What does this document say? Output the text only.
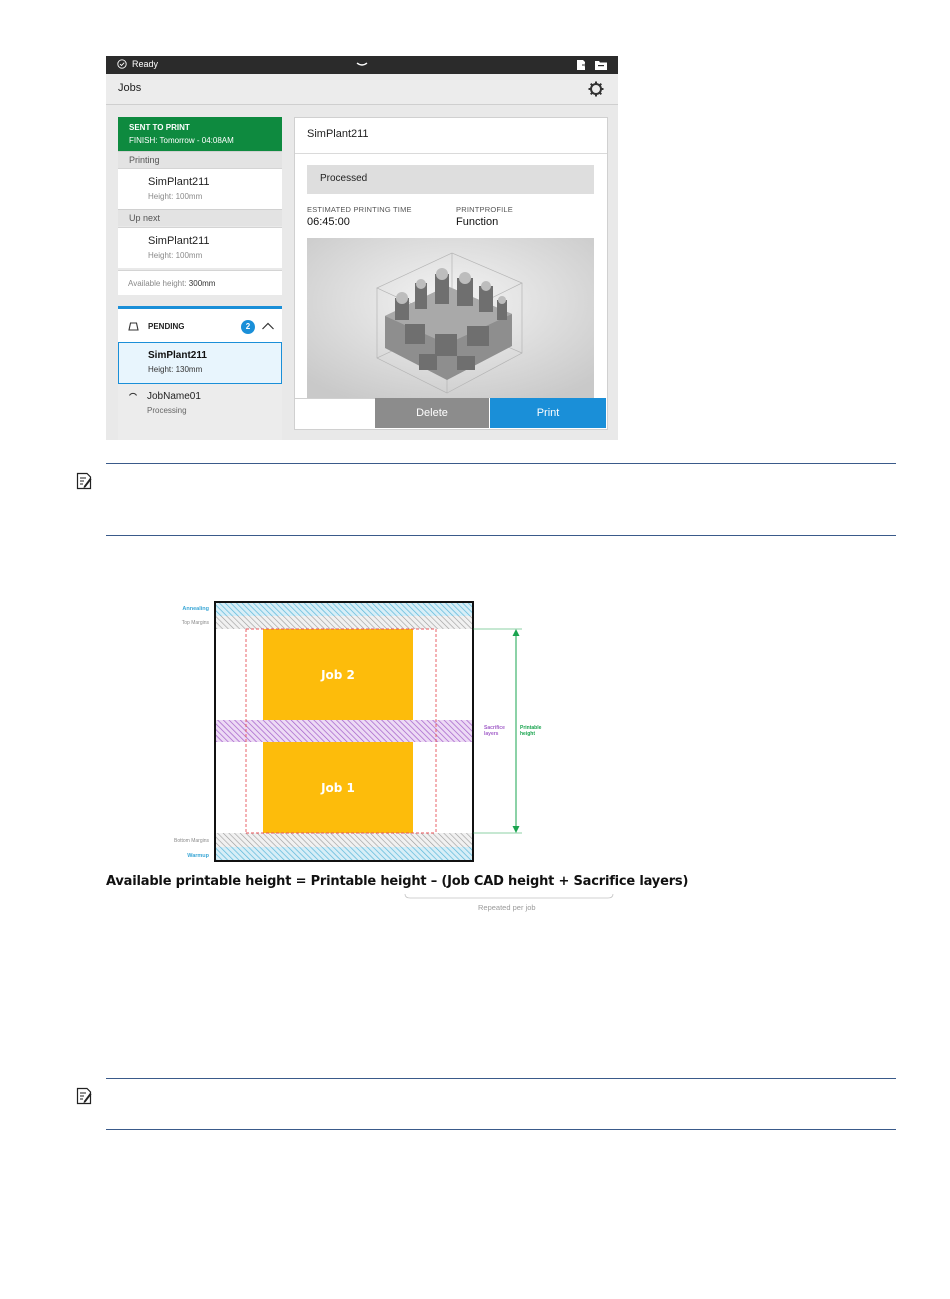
Ready
Jobs
SENT TO PRINT
FINISH: Tomorrow - 04:08AM
Printing
SimPlant211
Height: 100mm
Up next
SimPlant211
Height: 100mm
Available height: 300mm
PENDING	2
SimPlant211
Height: 130mm
JobName01
Processing
SimPlant211
Processed
ESTIMATED PRINTING TIME
06:45:00
PRINTPROFILE
Function
Delete	Print
Annealing
Top Margins
Job 2
Job 1
Sacrifice layers
Printable height
Bottom Margins
Warmup
Available printable height = Printable height – (Job CAD height + Sacrifice layers)
Repeated per job
